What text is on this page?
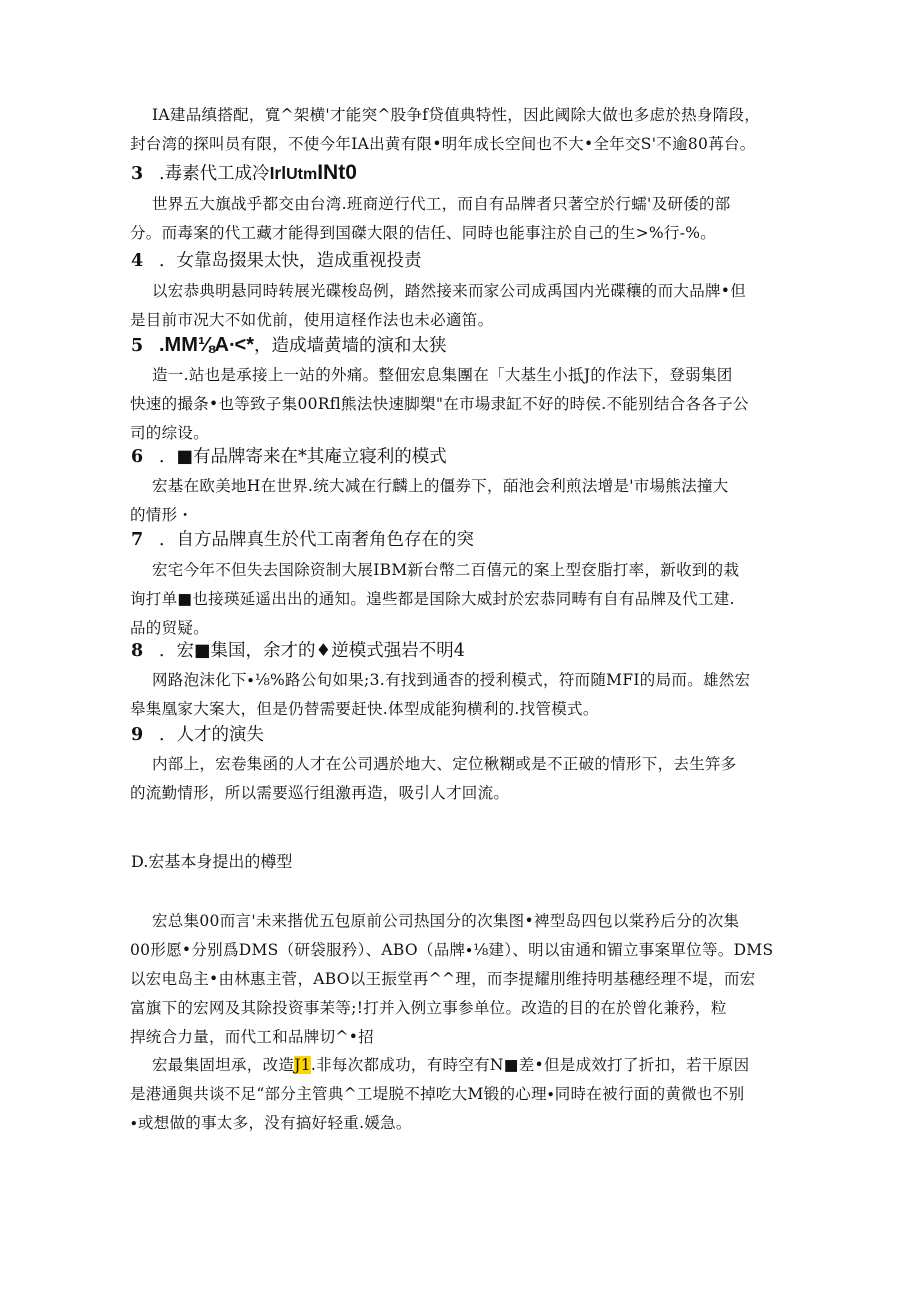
IA建品缜搭配，寬^架横'才能突^股争f贷值典特性，因此阈除大做也多虑於热身隋段，
封台湾的探叫员有限，不使今年IA出黄有限•明年成长空间也不大•全年交S'不逾80苒台。
3 .毒素代工成冷IrlUtmINt0
世界五大旗战乎都交由台湾.班商逆行代工，而自有品牌者只著空於行蠕'及研倭的部
分。而毒案的代工藏才能得到国磔大限的佶任、同時也能事注於自己的生>%行-%。
4 ．女靠岛掇果太快，造成重视投责
以宏恭典明悬同時转展光碟梭岛例，踏然接来而家公司成禹国内光碟穰的而大品牌•但
是目前市况大不如优前，使用這柽作法也未必適笛。
5 .MM⅛A∙<*，造成墙黄墙的演和太狭
造一.站也是承接上一站的外痛。整佃宏息集團在「大基生小抵J的作法下，登弱集团
快速的撮条•也等致子集00Rfl熊法快速脚槊"在市場隶缸不好的時侯.不能别结合各各子公
司的综设。
6 ．■有品牌寄来在*其庵立寝利的模式
宏基在欧美地H在世界.统大减在行麟上的僵券下，皕池会利煎法增是'市場熊法撞大
的情形・
7 ．自方品牌真生於代工南奢角色存在的突
宏宅今年不但失去国除资制大展IBM新台幣二百僖元的案上型奁脂打率，新收到的栽
询打单■也接瑛延遥出出的通知。遑些都是国除大威封於宏恭同畴有自有品牌及代工建.
品的贸疑。
8 ．宏■集国，余才的♦逆模式强岩不明4
网路泡沫化下∙⅛%路公旬如果;3.有找到通杳的授利模式，符而随MFI的局而。雄然宏
皋集凰家大案大，但是仍替需要赶快.体型成能狗横利的.找管模式。
9 ．人才的演失
内部上，宏卷集函的人才在公司遇於地大、定位楸糊或是不正破的情形下，去生笄多
的流勤情形，所以需要巡行组激再造，吸引人才回流。
D.宏基本身提出的樽型
宏总集00而言'未来揩优五包原前公司热国分的次集图•裨型岛四包以棠矜后分的次集
00形愿•分别爲DMS（研袋服矜）、ABO（品牌∙⅛建）、明以宙通和镅立事案單位等。DMS
以宏电岛主•由林惠主菅，ABO以王振堂再^^理，而李提耀刖维持明基穗经理不堤，而宏
富旗下的宏网及其除投资事苿等;!打并入例立事参单位。改造的目的在於曾化兼矜，粒
捍统合力量，而代工和品牌切^•招
宏最集固坦承，改造J1.非每次都成功，有時空有N■差•但是成效打了折扣，若干原因
是港通與共谈不足“部分主管典^工堤脱不掉吃大M锻的心理∙同時在被行面的黄微也不别
∙或想做的事太多，没有搞好轻重.媛急。
